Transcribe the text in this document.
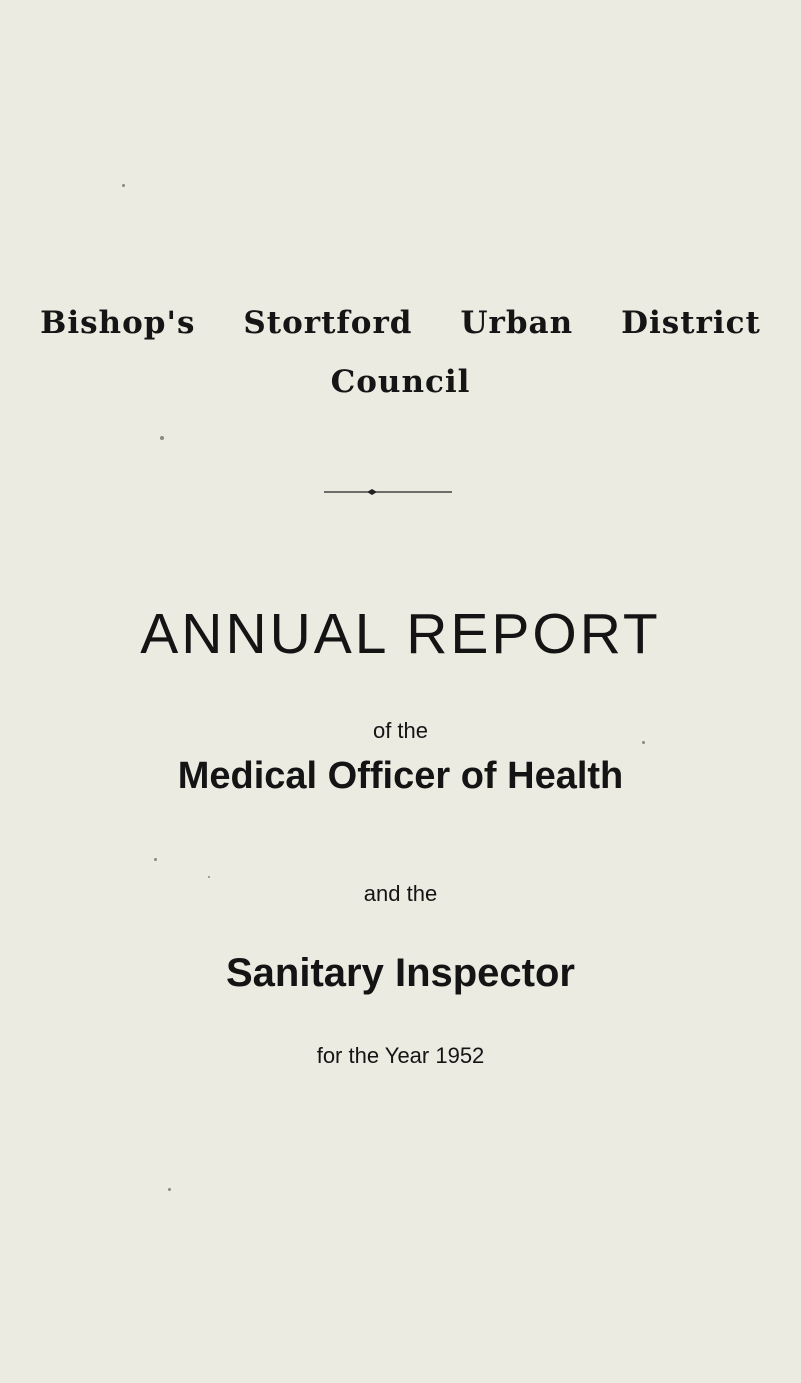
Bishop's Stortford Urban District
Council
ANNUAL REPORT
of the
Medical Officer of Health
and the
Sanitary Inspector
for the Year 1952
